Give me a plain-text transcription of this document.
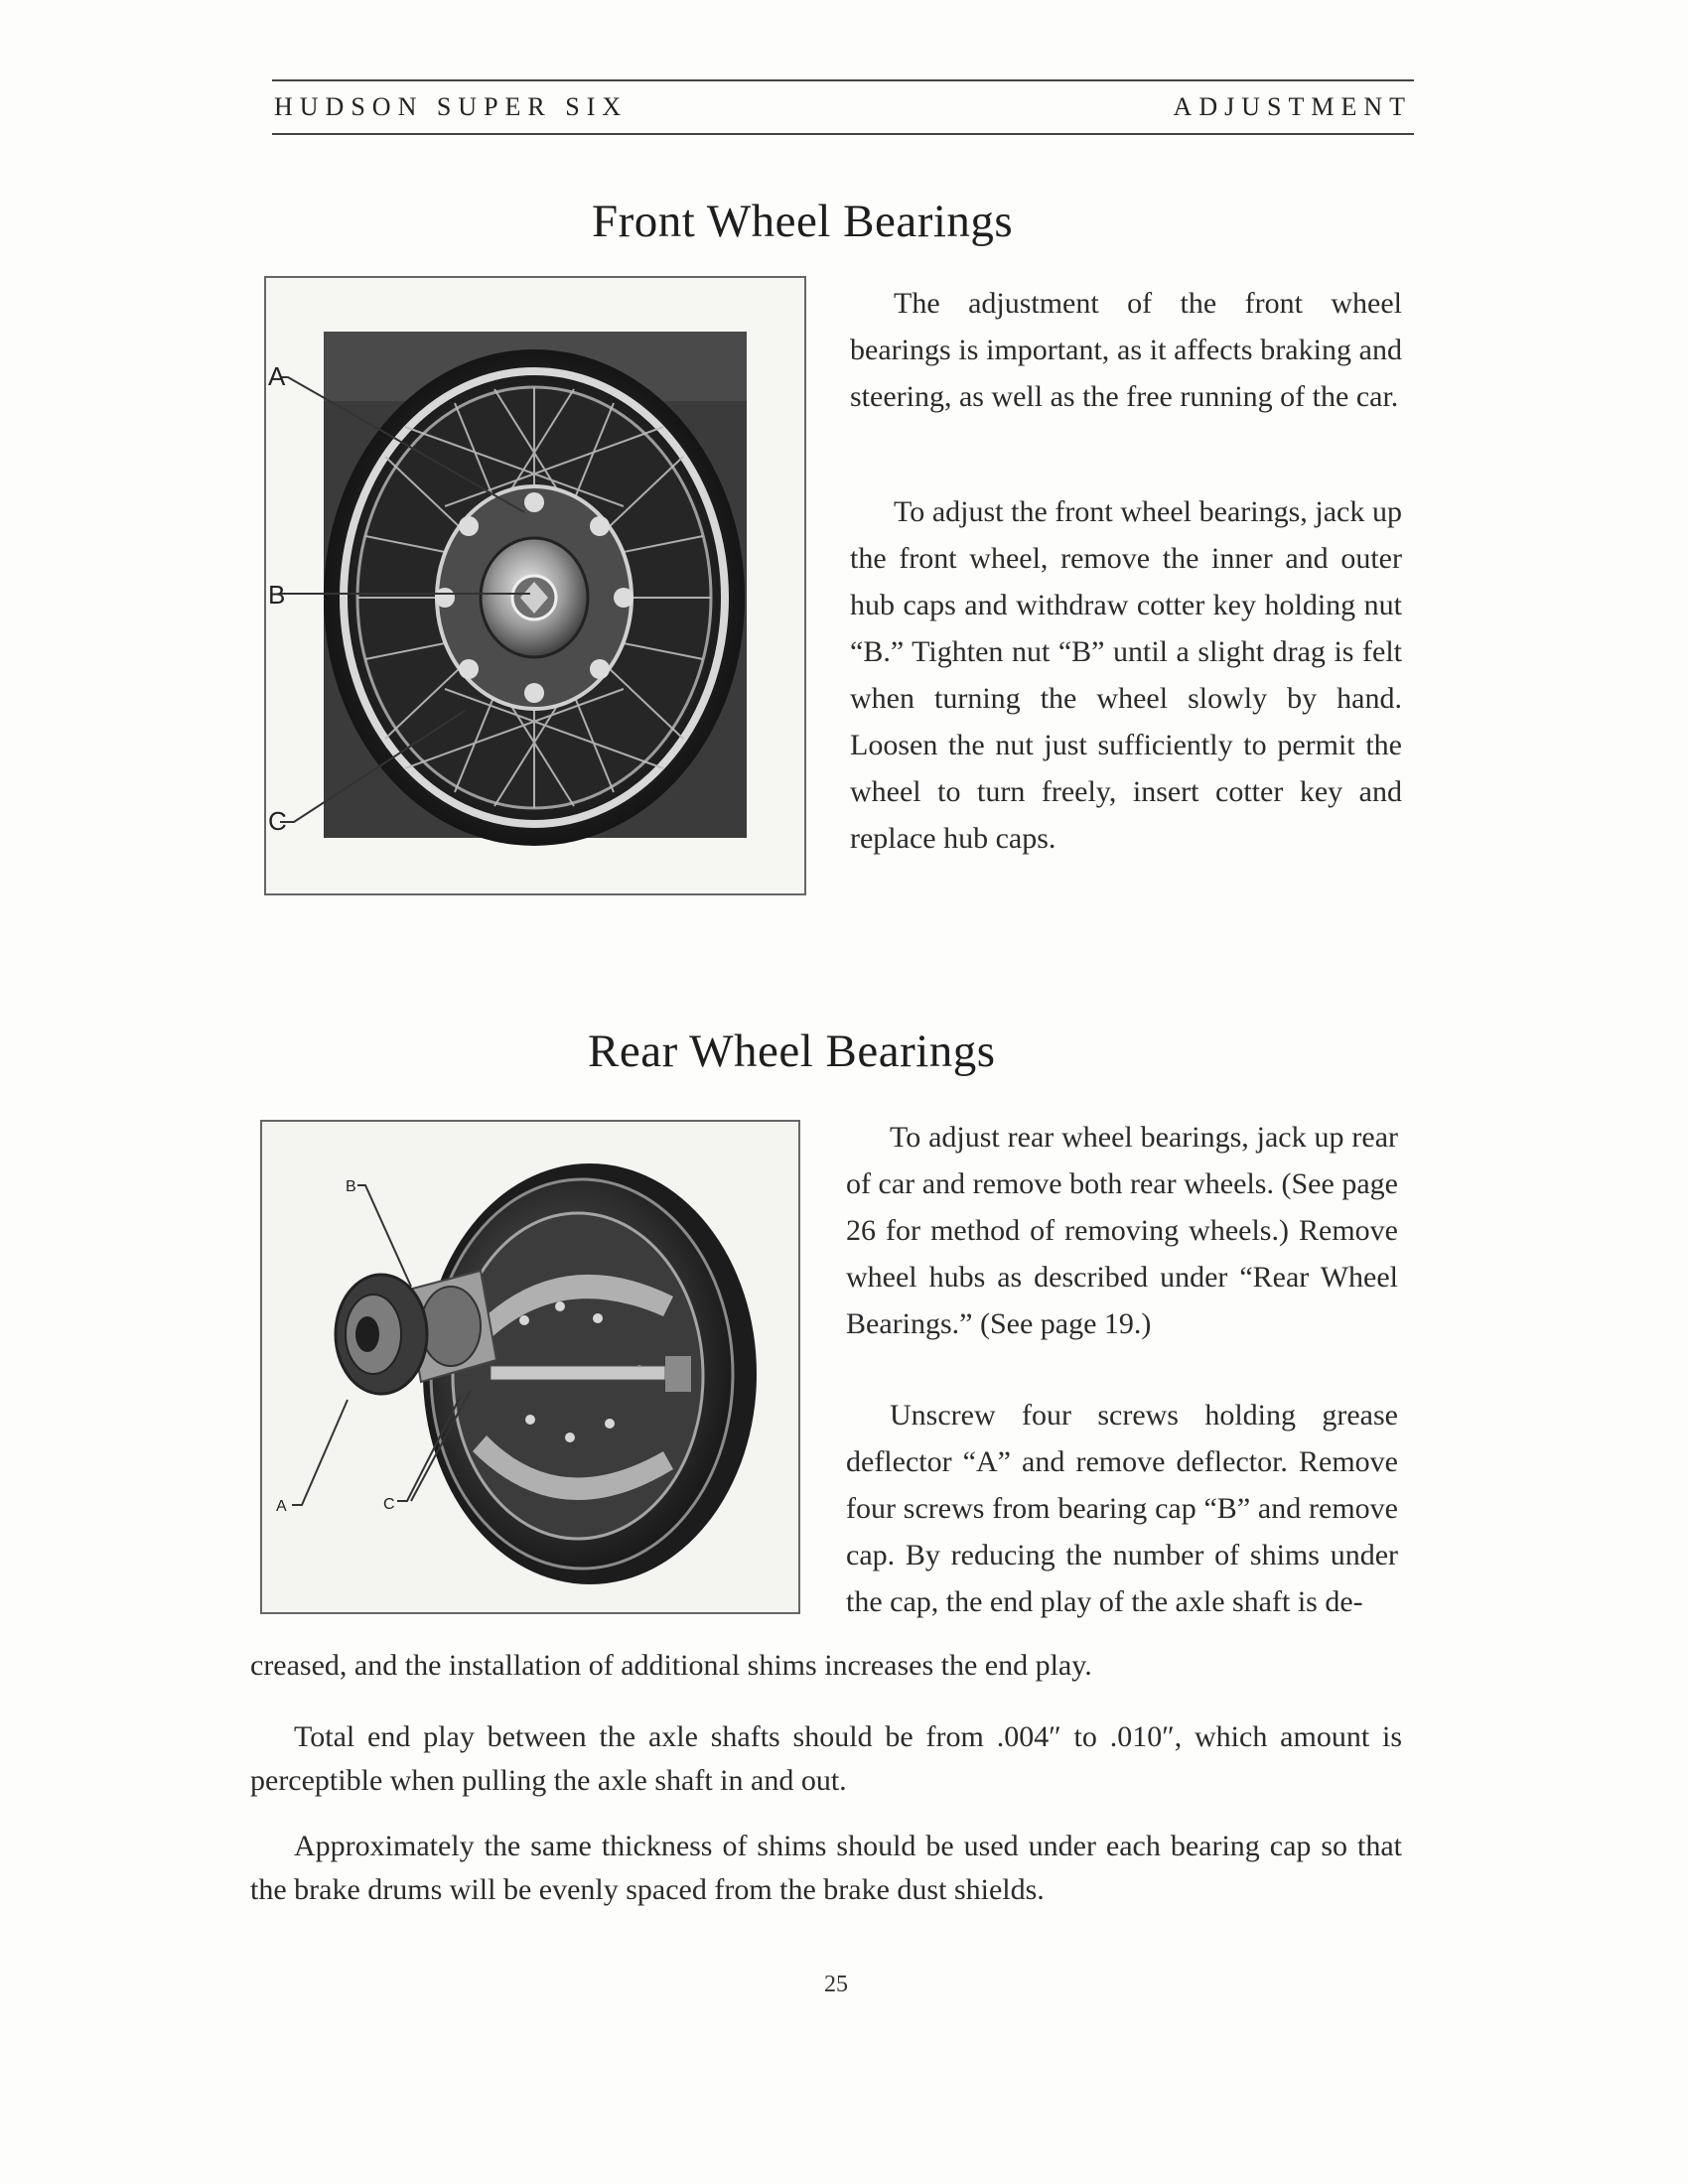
HUDSON SUPER SIX	ADJUSTMENT
Front Wheel Bearings
A
B
C

The adjustment of the front wheel bearings is important, as it affects braking and steering, as well as the free running of the car.

To adjust the front wheel bearings, jack up the front wheel, remove the inner and outer hub caps and withdraw cotter key holding nut “B.” Tighten nut “B” until a slight drag is felt when turning the wheel slowly by hand. Loosen the nut just sufficiently to permit the wheel to turn freely, insert cotter key and replace hub caps.

Rear Wheel Bearings
B
A	C

To adjust rear wheel bearings, jack up rear of car and remove both rear wheels. (See page 26 for method of removing wheels.) Remove wheel hubs as described under “Rear Wheel Bearings.” (See page 19.)

Unscrew four screws holding grease deflector “A” and remove deflector. Remove four screws from bearing cap “B” and remove cap. By reducing the number of shims under the cap, the end play of the axle shaft is de-

creased, and the installation of additional shims increases the end play.

Total end play between the axle shafts should be from .004″ to .010″, which amount is perceptible when pulling the axle shaft in and out.

Approximately the same thickness of shims should be used under each bearing cap so that the brake drums will be evenly spaced from the brake dust shields.

25
